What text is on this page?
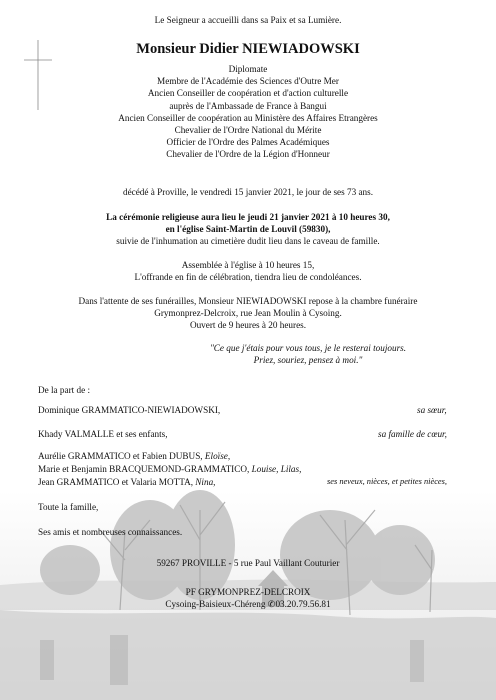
Le Seigneur a accueilli dans sa Paix et sa Lumière.
Monsieur Didier NIEWIADOWSKI
Diplomate
Membre de l'Académie des Sciences d'Outre Mer
Ancien Conseiller de coopération et d'action culturelle
auprès de l'Ambassade de France à Bangui
Ancien Conseiller de coopération au Ministère des Affaires Etrangères
Chevalier de l'Ordre National du Mérite
Officier de l'Ordre des Palmes Académiques
Chevalier de l'Ordre de la Légion d'Honneur
décédé à Proville, le vendredi 15 janvier 2021, le jour de ses 73 ans.
La cérémonie religieuse aura lieu le jeudi 21 janvier 2021 à 10 heures 30,
en l'église Saint-Martin de Louvil (59830),
suivie de l'inhumation au cimetière dudit lieu dans le caveau de famille.
Assemblée à l'église à 10 heures 15,
L'offrande en fin de célébration, tiendra lieu de condoléances.
Dans l'attente de ses funérailles, Monsieur NIEWIADOWSKI repose à la chambre funéraire
Grymonprez-Delcroix, rue Jean Moulin à Cysoing.
Ouvert de 9 heures à 20 heures.
"Ce que j'étais pour vous tous, je le resterai toujours.
Priez, souriez, pensez à moi."
De la part de :
Dominique GRAMMATICO-NIEWIADOWSKI,	sa sœur,
Khady VALMALLE et ses enfants,	sa famille de cœur,
Aurélie GRAMMATICO et Fabien DUBUS, Eloïse,
Marie et Benjamin BRACQUEMOND-GRAMMATICO, Louise, Lilas,
Jean GRAMMATICO et Valaria MOTTA, Nina,	ses neveux, nièces, et petites nièces,
Toute la famille,
Ses amis et nombreuses connaissances.
59267 PROVILLE - 5 rue Paul Vaillant Couturier
PF GRYMONPREZ-DELCROIX
Cysoing-Baisieux-Chéreng ✆03.20.79.56.81
